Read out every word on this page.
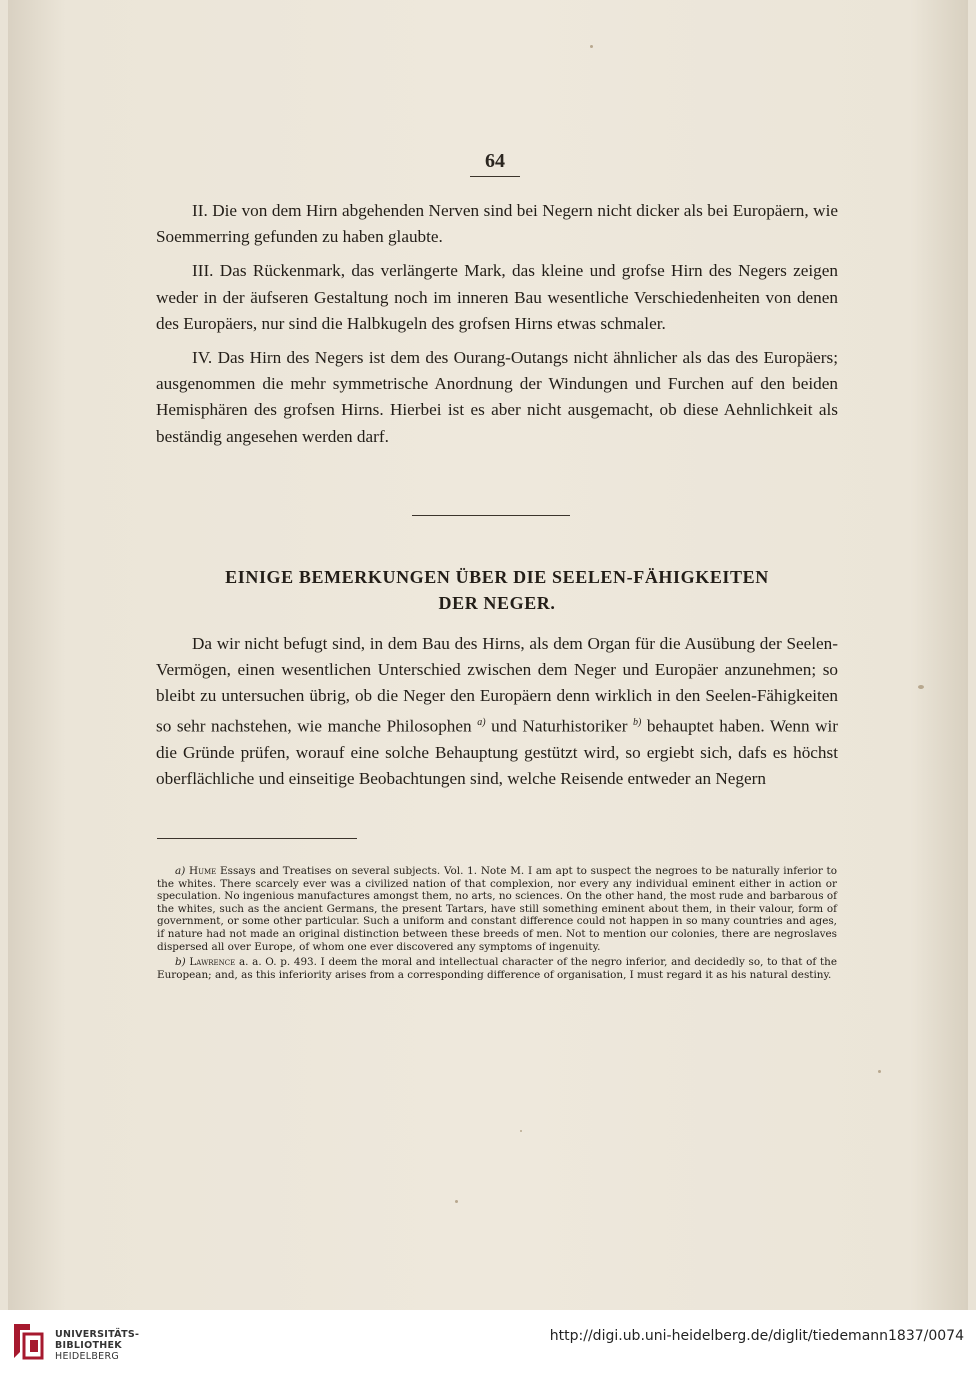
64

II. Die von dem Hirn abgehenden Nerven sind bei Negern nicht dicker als bei Europäern, wie Soemmerring gefunden zu haben glaubte.

III. Das Rückenmark, das verlängerte Mark, das kleine und grofse Hirn des Negers zeigen weder in der äufseren Gestaltung noch im inneren Bau wesentliche Verschiedenheiten von denen des Europäers, nur sind die Halbkugeln des grofsen Hirns etwas schmaler.

IV. Das Hirn des Negers ist dem des Ourang-Outangs nicht ähnlicher als das des Europäers; ausgenommen die mehr symmetrische Anordnung der Windungen und Furchen auf den beiden Hemisphären des grofsen Hirns. Hierbei ist es aber nicht ausgemacht, ob diese Aehnlichkeit als beständig angesehen werden darf.

EINIGE BEMERKUNGEN ÜBER DIE SEELEN-FÄHIGKEITEN
DER NEGER.

Da wir nicht befugt sind, in dem Bau des Hirns, als dem Organ für die Ausübung der Seelen-Vermögen, einen wesentlichen Unterschied zwischen dem Neger und Europäer anzunehmen; so bleibt zu untersuchen übrig, ob die Neger den Europäern denn wirklich in den Seelen-Fähigkeiten so sehr nachstehen, wie manche Philosophen $^{a)}$ und Naturhistoriker $^{b)}$ behauptet haben. Wenn wir die Gründe prüfen, worauf eine solche Behauptung gestützt wird, so ergiebt sich, dafs es höchst oberflächliche und einseitige Beobachtungen sind, welche Reisende entweder an Negern

a) Hume Essays and Treatises on several subjects. Vol. 1. Note M. I am apt to suspect the negroes to be naturally inferior to the whites. There scarcely ever was a civilized nation of that complexion, nor every any individual eminent either in action or speculation. No ingenious manufactures amongst them, no arts, no sciences. On the other hand, the most rude and barbarous of the whites, such as the ancient Germans, the present Tartars, have still something eminent about them, in their valour, form of government, or some other particular. Such a uniform and constant difference could not happen in so many countries and ages, if nature had not made an original distinction between these breeds of men. Not to mention our colonies, there are negroslaves dispersed all over Europe, of whom one ever discovered any symptoms of ingenuity.

b) Lawrence a. a. O. p. 493. I deem the moral and intellectual character of the negro inferior, and decidedly so, to that of the European; and, as this inferiority arises from a corresponding difference of organisation, I must regard it as his natural destiny.

UNIVERSITÄTS-
BIBLIOTHEK
HEIDELBERG
http://digi.ub.uni-heidelberg.de/diglit/tiedemann1837/0074
